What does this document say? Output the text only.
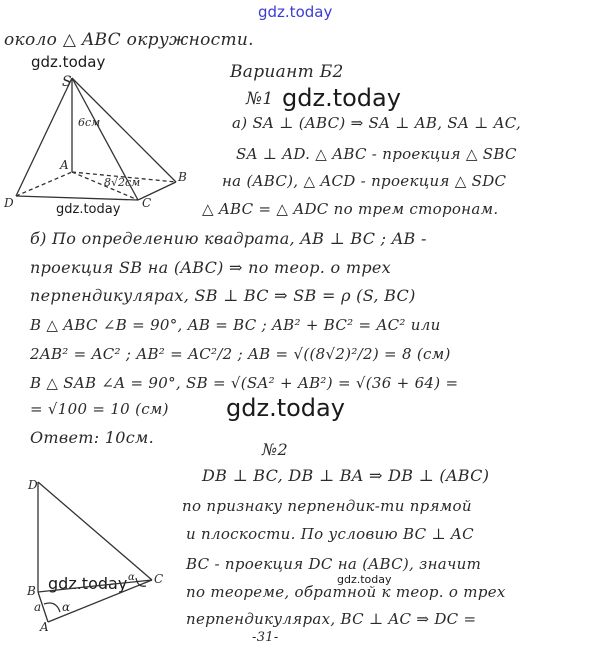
gdz.today
gdz.today
gdz.today
gdz.today
gdz.today
gdz.today	gdz.today
около △ ABC окружности.
Вариант Б2
№1
а) SA ⊥ (ABC) ⇒ SA ⊥ AB, SA ⊥ AC,
SA ⊥ AD. △ ABC - проекция △ SBC
на (ABC), △ ACD - проекция △ SDC
△ ABC = △ ADC по трем сторонам.
б) По определению квадрата, AB ⊥ BC ; AB -
проекция SB на (ABC) ⇒ по теор. о трех
перпендикулярах, SB ⊥ BC ⇒ SB = ρ (S, BC)
В △ ABC ∠B = 90°, AB = BC ; AB² + BC² = AC² или
2AB² = AC² ; AB² = AC²/2 ; AB = √((8√2)²/2) = 8 (см)
В △ SAB ∠A = 90°, SB = √(SA² + AB²) = √(36 + 64) =
= √100 = 10 (см)
Ответ: 10см.
№2
DB ⊥ BC, DB ⊥ BA ⇒ DB ⊥ (ABC)
по признаку перпендик-ти прямой
и плоскости. По условию BC ⊥ AC
BC - проекция DC на (ABC), значит
по теореме, обратной к теор. о трех
перпендикулярах, BC ⊥ AC ⇒ DC =
-31-
S
A
B
C
D
6см
8√2см
D
B
A
C
a α
α
